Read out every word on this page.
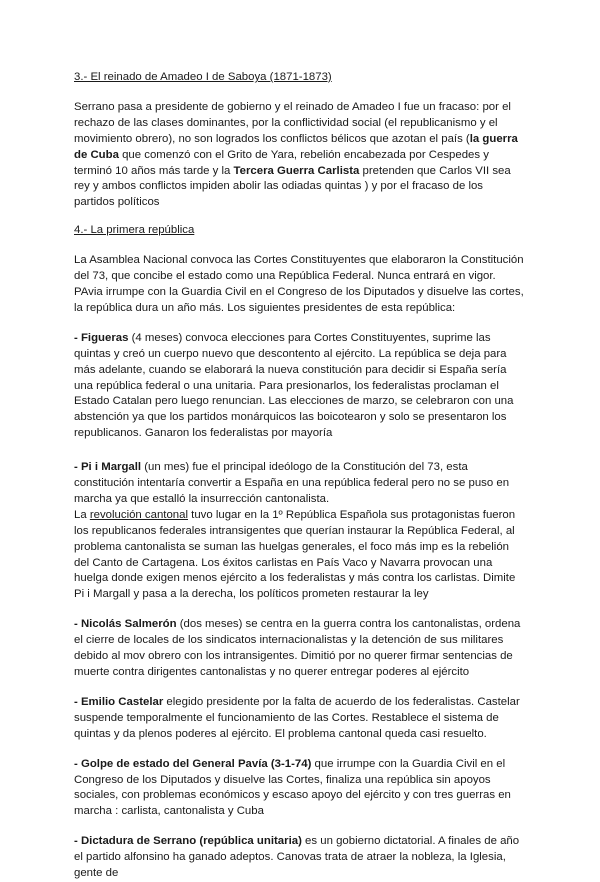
3.- El reinado de Amadeo I de Saboya (1871-1873)

Serrano pasa a presidente de gobierno y el reinado de Amadeo I fue un fracaso: por el rechazo de las clases dominantes, por la conflictividad social (el republicanismo y el movimiento obrero), no son logrados los conflictos bélicos que azotan el país (la guerra de Cuba que comenzó con el Grito de Yara, rebelión encabezada por Cespedes y terminó 10 años más tarde y la Tercera Guerra Carlista pretenden que Carlos VII sea rey y ambos conflictos impiden abolir las odiadas quintas ) y por el fracaso de los partidos políticos

4.- La primera república

La Asamblea Nacional convoca las Cortes Constituyentes que elaboraron la Constitución del 73, que concibe el estado como una República Federal. Nunca entrará en vigor. PAvia irrumpe con la Guardia Civil en el Congreso de los Diputados y disuelve las cortes, la república dura un año más. Los siguientes presidentes de esta república:

- Figueras (4 meses) convoca elecciones para Cortes Constituyentes, suprime las quintas y creó un cuerpo nuevo que descontento al ejército. La república se deja para más adelante, cuando se elaborará la nueva constitución para decidir si España sería una república federal o una unitaria. Para presionarlos, los federalistas proclaman el Estado Catalan pero luego renuncian. Las elecciones de marzo, se celebraron con una abstención ya que los partidos monárquicos las boicotearon y solo se presentaron los republicanos. Ganaron los federalistas por mayoría

- Pi i Margall (un mes) fue el principal ideólogo de la Constitución del 73, esta constitución intentaría convertir a España en una república federal pero no se puso en marcha ya que estalló la insurrección cantonalista.

La revolución cantonal tuvo lugar en la 1º República Española sus protagonistas fueron los republicanos federales intransigentes que querían instaurar la República Federal, al problema cantonalista se suman las huelgas generales, el foco más imp es la rebelión del Canto de Cartagena. Los éxitos carlistas en País Vaco y Navarra provocan una huelga donde exigen menos ejército a los federalistas y más contra los carlistas. Dimite Pi i Margall y pasa a la derecha, los políticos prometen restaurar la ley

- Nicolás Salmerón (dos meses) se centra en la guerra contra los cantonalistas, ordena el cierre de locales de los sindicatos internacionalistas y la detención de sus militares debido al mov obrero con los intransigentes. Dimitió por no querer firmar sentencias de muerte contra dirigentes cantonalistas y no querer entregar poderes al ejército

- Emilio Castelar elegido presidente por la falta de acuerdo de los federalistas. Castelar suspende temporalmente el funcionamiento de las Cortes. Restablece el sistema de quintas y da plenos poderes al ejército. El problema cantonal queda casi resuelto.

- Golpe de estado del General Pavía (3-1-74) que irrumpe con la Guardia Civil en el Congreso de los Diputados y disuelve las Cortes, finaliza una república sin apoyos sociales, con problemas económicos y escaso apoyo del ejército y con tres guerras en marcha : carlista, cantonalista y Cuba

- Dictadura de Serrano (república unitaria) es un gobierno dictatorial. A finales de año el partido alfonsino ha ganado adeptos. Canovas trata de atraer la nobleza, la Iglesia, gente de
